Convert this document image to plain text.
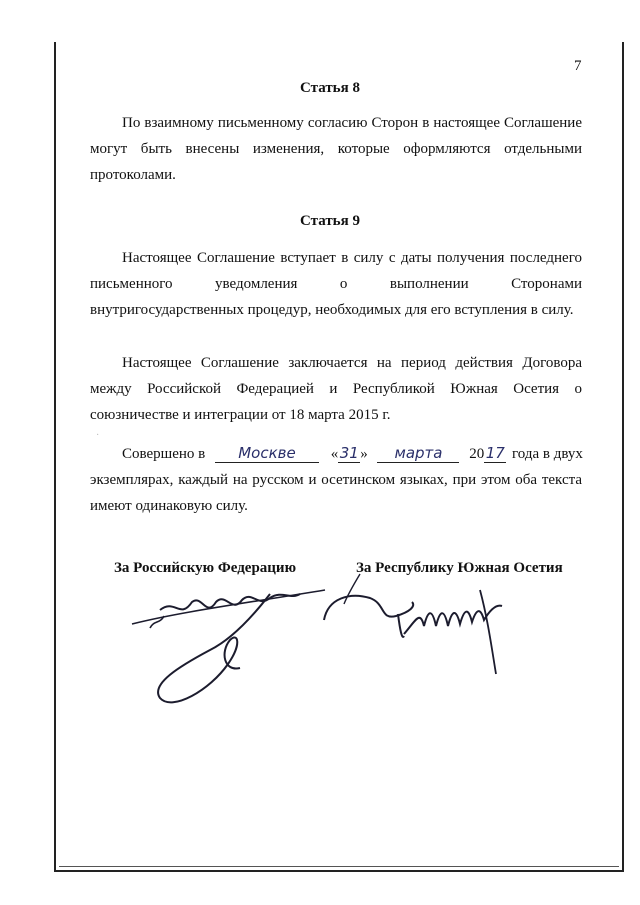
7
Статья 8
По взаимному письменному согласию Сторон в настоящее Соглашение могут быть внесены изменения, которые оформляются отдельными протоколами.
Статья 9
Настоящее Соглашение вступает в силу с даты получения последнего письменного уведомления о выполнении Сторонами внутригосударственных процедур, необходимых для его вступления в силу.
Настоящее Соглашение заключается на период действия Договора между Российской Федерацией и Республикой Южная Осетия о союзничестве и интеграции от 18 марта 2015 г.
Совершено в Москве «31» марта 2017 года в двух
экземплярах, каждый на русском и осетинском языках, при этом оба текста имеют одинаковую силу.
За Российскую Федерацию	За Республику Южная Осетия
·
